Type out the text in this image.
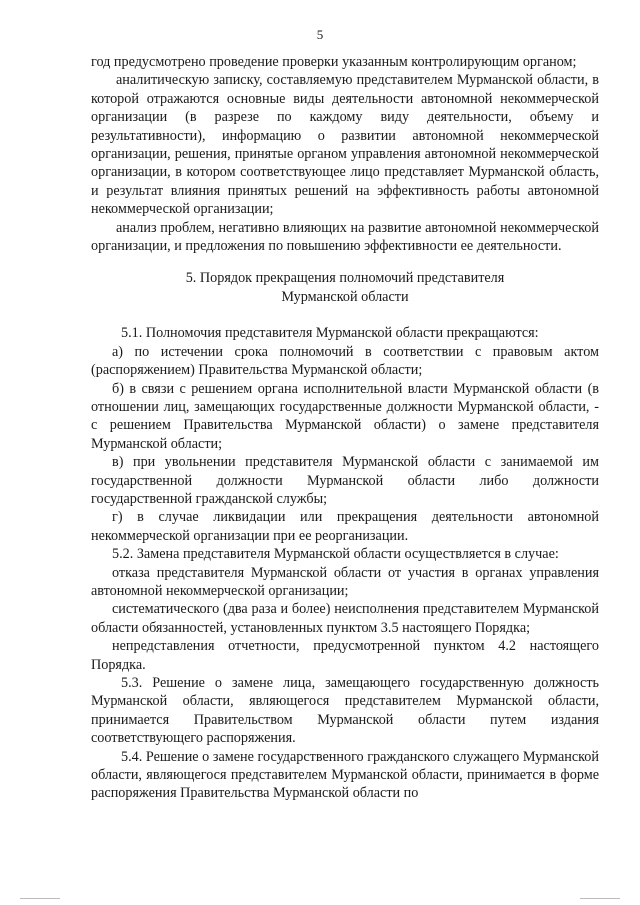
5

год предусмотрено проведение проверки указанным контролирующим органом;

аналитическую записку, составляемую представителем Мурманской области, в которой отражаются основные виды деятельности автономной некоммерческой организации (в разрезе по каждому виду деятельности, объему и результативности), информацию о развитии автономной некоммерческой организации, решения, принятые органом управления автономной некоммерческой организации, в котором соответствующее лицо представляет Мурманской область, и результат влияния принятых решений на эффективность работы автономной некоммерческой организации;

анализ проблем, негативно влияющих на развитие автономной некоммерческой организации, и предложения по повышению эффективности ее деятельности.

5. Порядок прекращения полномочий представителя
Мурманской области

5.1. Полномочия представителя Мурманской области прекращаются:

а) по истечении срока полномочий в соответствии с правовым актом (распоряжением) Правительства Мурманской области;

б) в связи с решением органа исполнительной власти Мурманской области (в отношении лиц, замещающих государственные должности Мурманской области, - с решением Правительства Мурманской области) о замене представителя Мурманской области;

в) при увольнении представителя Мурманской области с занимаемой им государственной должности Мурманской области либо должности государственной гражданской службы;

г) в случае ликвидации или прекращения деятельности автономной некоммерческой организации при ее реорганизации.

5.2. Замена представителя Мурманской области осуществляется в случае:

отказа представителя Мурманской области от участия в органах управления автономной некоммерческой организации;

систематического (два раза и более) неисполнения представителем Мурманской области обязанностей, установленных пунктом 3.5 настоящего Порядка;

непредставления отчетности, предусмотренной пунктом 4.2 настоящего Порядка.

5.3. Решение о замене лица, замещающего государственную должность Мурманской области, являющегося представителем Мурманской области, принимается Правительством Мурманской области путем издания соответствующего распоряжения.

5.4. Решение о замене государственного гражданского служащего Мурманской области, являющегося представителем Мурманской области, принимается в форме распоряжения Правительства Мурманской области по
